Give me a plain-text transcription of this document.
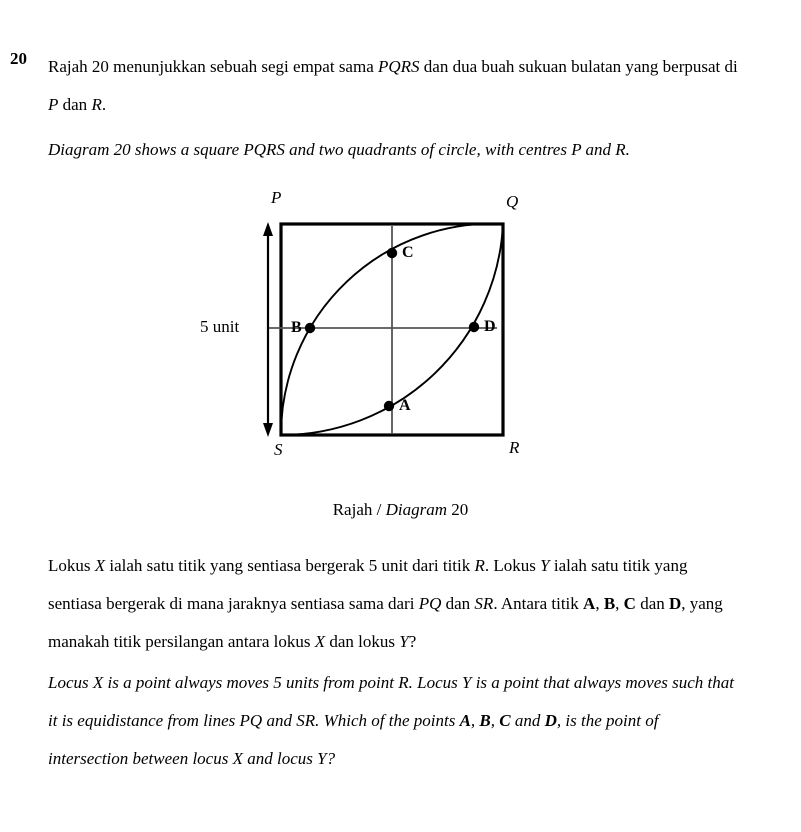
20	Rajah 20 menunjukkan sebuah segi empat sama PQRS dan dua buah sukuan bulatan yang berpusat di P dan R.
Diagram 20 shows a square PQRS and two quadrants of circle, with centres P and R.
P	Q
R
S
A
B
C
D
5 unit
Rajah / Diagram 20
Lokus X ialah satu titik yang sentiasa bergerak 5 unit dari titik R. Lokus Y ialah satu titik yang sentiasa bergerak di mana jaraknya sentiasa sama dari PQ dan SR. Antara titik A, B, C dan D, yang manakah titik persilangan antara lokus X dan lokus Y?
Locus X is a point always moves 5 units from point R. Locus Y is a point that always moves such that it is equidistance from lines PQ and SR. Which of the points A, B, C and D, is the point of intersection between locus X and locus Y?
